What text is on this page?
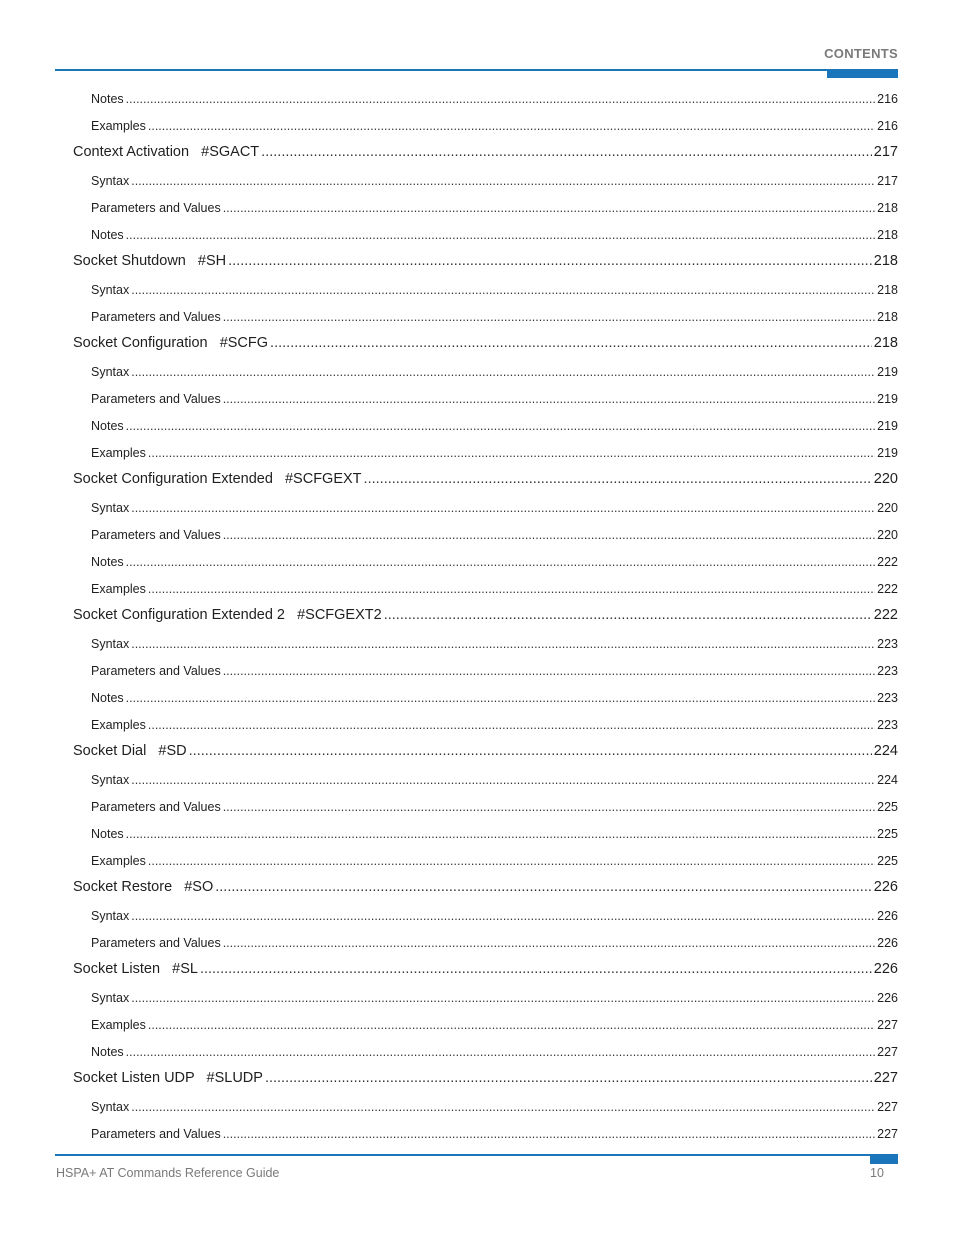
CONTENTS
Notes .....	216
Examples .....	216
Context Activation   #SGACT .....	217
Syntax .....	217
Parameters and Values .....	218
Notes .....	218
Socket Shutdown   #SH .....	218
Syntax .....	218
Parameters and Values .....	218
Socket Configuration   #SCFG .....	218
Syntax .....	219
Parameters and Values .....	219
Notes .....	219
Examples .....	219
Socket Configuration Extended   #SCFGEXT .....	220
Syntax .....	220
Parameters and Values .....	220
Notes .....	222
Examples .....	222
Socket Configuration Extended 2   #SCFGEXT2 .....	222
Syntax .....	223
Parameters and Values .....	223
Notes .....	223
Examples .....	223
Socket Dial   #SD .....	224
Syntax .....	224
Parameters and Values .....	225
Notes .....	225
Examples .....	225
Socket Restore   #SO .....	226
Syntax .....	226
Parameters and Values .....	226
Socket Listen   #SL .....	226
Syntax .....	226
Examples .....	227
Notes .....	227
Socket Listen UDP   #SLUDP .....	227
Syntax .....	227
Parameters and Values .....	227
HSPA+ AT Commands Reference Guide	10
